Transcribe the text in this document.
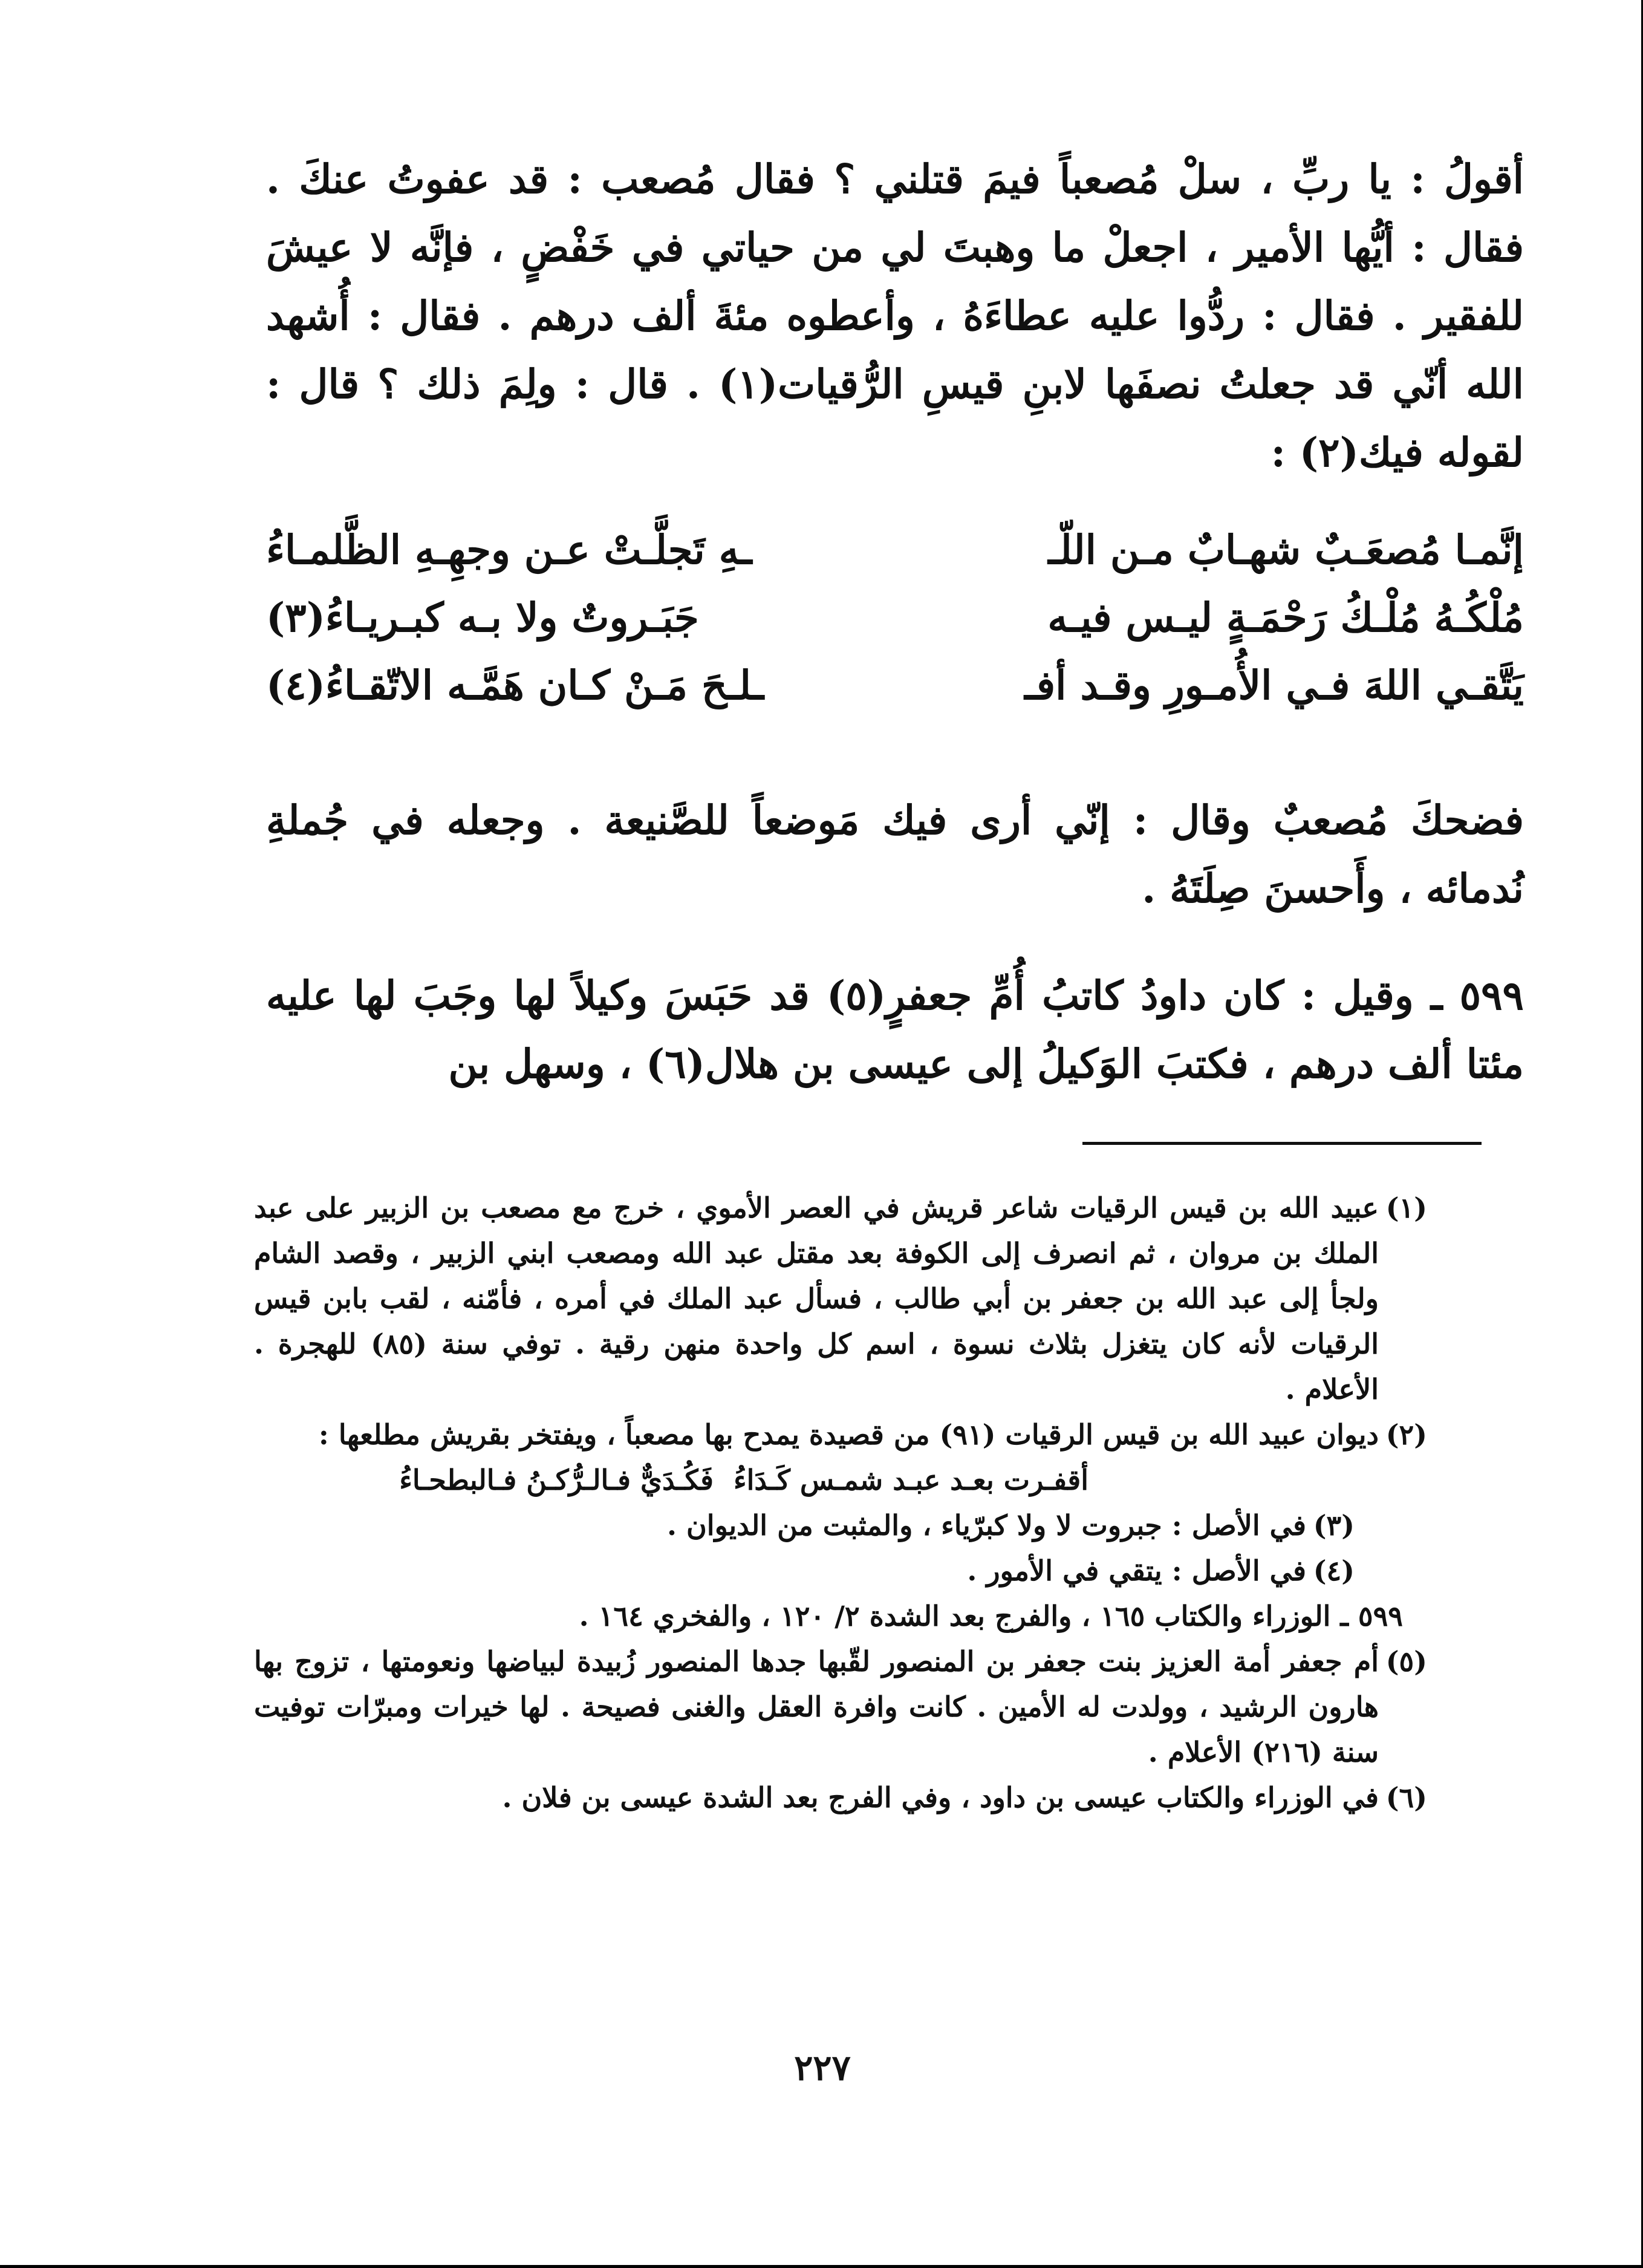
أقولُ : يا ربِّ ، سلْ مُصعباً فيمَ قتلني ؟ فقال مُصعب : قد عفوتُ عنكَ . فقال : أيُّها الأمير ، اجعلْ ما وهبتَ لي من حياتي في خَفْضٍ ، فإنَّه لا عيشَ للفقير . فقال : ردُّوا عليه عطاءَهُ ، وأعطوه مئةَ ألف درهم . فقال : أُشهد الله أنّي قد جعلتُ نصفَها لابنِ قيسِ الرُّقيات(١) . قال : ولِمَ ذلك ؟ قال : لقوله فيك(٢) :

إنَّمـا مُصعَـبٌ شهـابٌ مـن اللّـ
ـهِ تَجلَّـتْ عـن وجهِـهِ الظَّلمـاءُ
مُلْكُـهُ مُلْـكُ رَحْمَـةٍ ليـس فيـه
جَبَـروتٌ ولا بـه كبـريـاءُ(٣)
يَتَّقـي اللهَ فـي الأُمـورِ وقـد أفـ
ـلـحَ مَـنْ كـان هَمَّـه الاتّقـاءُ(٤)

فضحكَ مُصعبٌ وقال : إنّي أرى فيك مَوضعاً للصَّنيعة . وجعله في جُملةِ نُدمائه ، وأَحسنَ صِلَتَهُ .

٥٩٩ ـ وقيل : كان داودُ كاتبُ أُمِّ جعفرٍ(٥) قد حَبَسَ وكيلاً لها وجَبَ لها عليه مئتا ألف درهم ، فكتبَ الوَكيلُ إلى عيسى بن هلال(٦) ، وسهل بن

(١)
عبيد الله بن قيس الرقيات شاعر قريش في العصر الأموي ، خرج مع مصعب بن الزبير على عبد الملك بن مروان ، ثم انصرف إلى الكوفة بعد مقتل عبد الله ومصعب ابني الزبير ، وقصد الشام ولجأ إلى عبد الله بن جعفر بن أبي طالب ، فسأل عبد الملك في أمره ، فأمّنه ، لقب بابن قيس الرقيات لأنه كان يتغزل بثلاث نسوة ، اسم كل واحدة منهن رقية . توفي سنة (٨٥) للهجرة . الأعلام .

(٢)
ديوان عبيد الله بن قيس الرقيات (٩١) من قصيدة يمدح بها مصعباً ، ويفتخر بقريش مطلعها :

أقفـرت بعـد عبـد شمـس كَـدَاءُ
فَكُـدَيٌّ فـالـرُّكـنُ فـالبطحـاءُ

(٣)
في الأصل : جبروت لا ولا كبرّياء ، والمثبت من الديوان .

(٤)
في الأصل : يتقي في الأمور .

٥٩٩ ـ الوزراء والكتاب ١٦٥ ، والفرج بعد الشدة ٢/ ١٢٠ ، والفخري ١٦٤ .

(٥)
أم جعفر أمة العزيز بنت جعفر بن المنصور لقّبها جدها المنصور زُبيدة لبياضها ونعومتها ، تزوج بها هارون الرشيد ، وولدت له الأمين . كانت وافرة العقل والغنى فصيحة . لها خيرات ومبرّات توفيت سنة (٢١٦) الأعلام .

(٦)
في الوزراء والكتاب عيسى بن داود ، وفي الفرج بعد الشدة عيسى بن فلان .

٢٢٧
